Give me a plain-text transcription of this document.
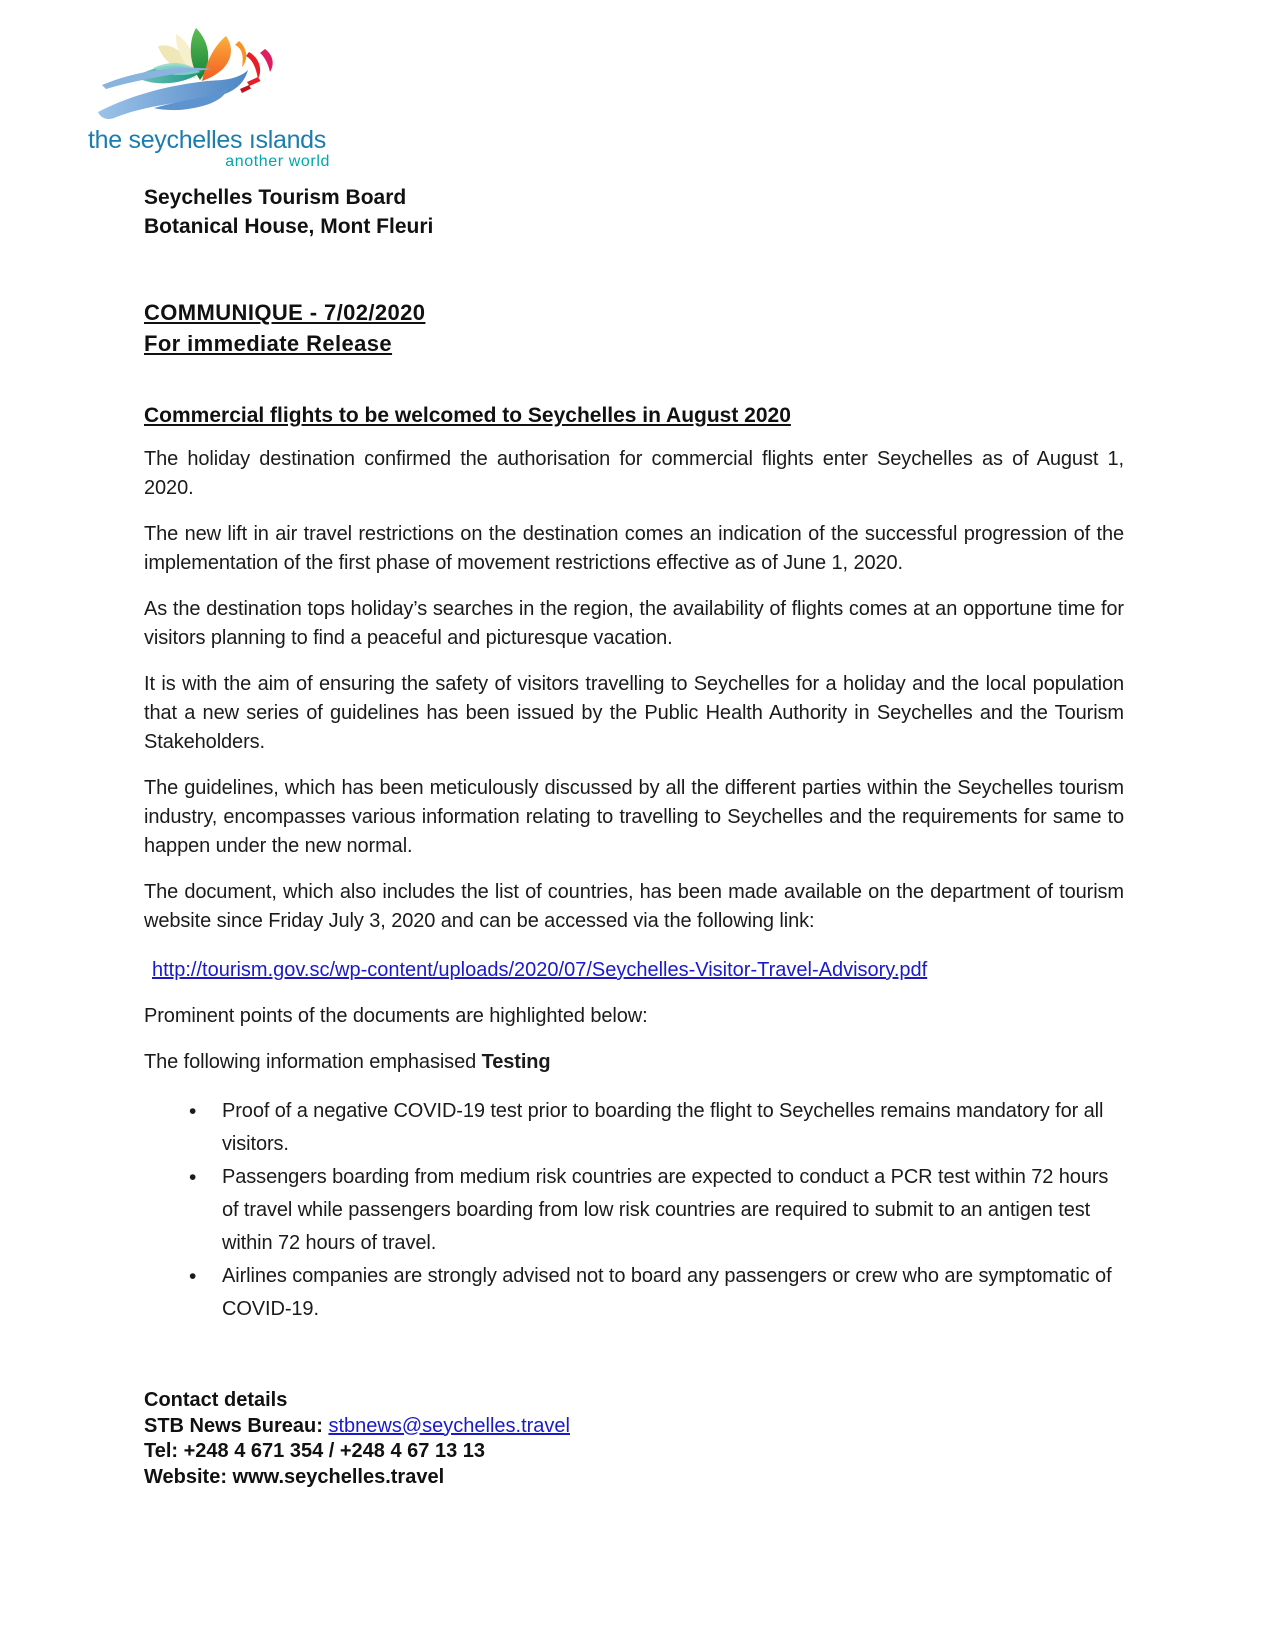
the seychelles ıslands
another world
Seychelles Tourism Board
Botanical House, Mont Fleuri
COMMUNIQUE - 7/02/2020
For immediate Release
Commercial flights to be welcomed to Seychelles in August 2020

The holiday destination confirmed the authorisation for commercial flights enter Seychelles as of August 1, 2020.

The new lift in air travel restrictions on the destination comes an indication of the successful progression of the implementation of the first phase of movement restrictions effective as of June 1, 2020.

As the destination tops holiday’s searches in the region, the availability of flights comes at an opportune time for visitors planning to find a peaceful and picturesque vacation.

It is with the aim of ensuring the safety of visitors travelling to Seychelles for a holiday and the local population that a new series of guidelines has been issued by the Public Health Authority in Seychelles and the Tourism Stakeholders.

The guidelines, which has been meticulously discussed by all the different parties within the Seychelles tourism industry, encompasses various information relating to travelling to Seychelles and the requirements for same to happen under the new normal.

The document, which also includes the list of countries, has been made available on the department of tourism website since Friday July 3, 2020 and can be accessed via the following link:

http://tourism.gov.sc/wp-content/uploads/2020/07/Seychelles-Visitor-Travel-Advisory.pdf

Prominent points of the documents are highlighted below:

The following information emphasised Testing

• Proof of a negative COVID-19 test prior to boarding the flight to Seychelles remains mandatory for all visitors.
• Passengers boarding from medium risk countries are expected to conduct a PCR test within 72 hours of travel while passengers boarding from low risk countries are required to submit to an antigen test within 72 hours of travel.
• Airlines companies are strongly advised not to board any passengers or crew who are symptomatic of COVID-19.
Contact details
STB News Bureau: stbnews@seychelles.travel
Tel: +248 4 671 354 / +248 4 67 13 13
Website: www.seychelles.travel
